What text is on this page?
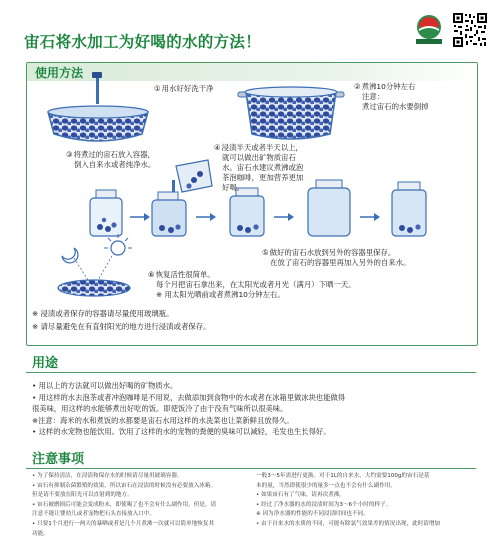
宙石将水加工为好喝的水的方法！
使用方法
①用水好好洗干净	②煮沸10分钟左右
注意：
煮过宙石的水要倒掉
③将煮过的宙石放入容器，
倒入自来水或者纯净水。
④浸渍半天或者半天以上，
就可以做出矿物质宙石
水。宙石水建议煮沸或泡
茶泡咖啡，更加营养更加
好喝。
⑤做好的宙石水放到另外的容器里保存。
在放了宙石的容器里再加入另外的自来水。
⑥恢复活性很简单。
每个月把宙石拿出来，在太阳光或者月光（满月）下晒一天。
※ 用太阳光晒前或者煮沸10分钟左右。
※ 浸渍或者保存的容器请尽量使用玻璃瓶。
※ 请尽量避免在有直射阳光的地方进行浸渍或者保存。
用途
• 用以上的方法就可以做出好喝的矿物质水。
• 用这样的水去泡茶或者冲泡咖啡是不用说，去做添加到食物中的水或者在冰箱里做冰块也能做得
很美味，用这样的水能够煮出好吃的饭。即使饭冷了由于没有气味所以很美味。
※注意：海米的水和煮饭的水都要是宙石水用这样的水洗菜也让菜新鲜且放得久。
• 这样的水宠物也能饮用。饮用了这样的水的宠物的粪便的臭味可以减轻，毛发也生长得好。
注意事项
• 为了保持清洁，在浸渍和保存水的时候请尽量用玻璃容器。
• 宙石有抑制杂菌繁殖的效果，所以宙石在浸渍的时候没有必要放入冰箱。
但是请不要放在阳光可以直射到的地方。
• 宙石被磨损后可能会变成粉末，即使喝了也不会有什么副作用。但是，请
注意不能让婴幼儿或者宠物把石头直接放入口中。
• 只要1个月进行一两天的暴晒或者是几个月煮沸一次就可以简单地恢复其
功能。
一般3～5年需进行更换。对于1L的自来水，大约需要100g的宙石是基
本的量，当然即使很少的量多一点也不会有什么副作用。
• 如果宙石有了气味，请再次煮沸。
• 经过了净水器的水的浸渍时间为3～6个小时的样子。
※ 因为净水器的性能的不同浸渍时间也不同。
• 由于自来水的水质的不同，可能有除氯气效果差的情况出现，此时请增加
